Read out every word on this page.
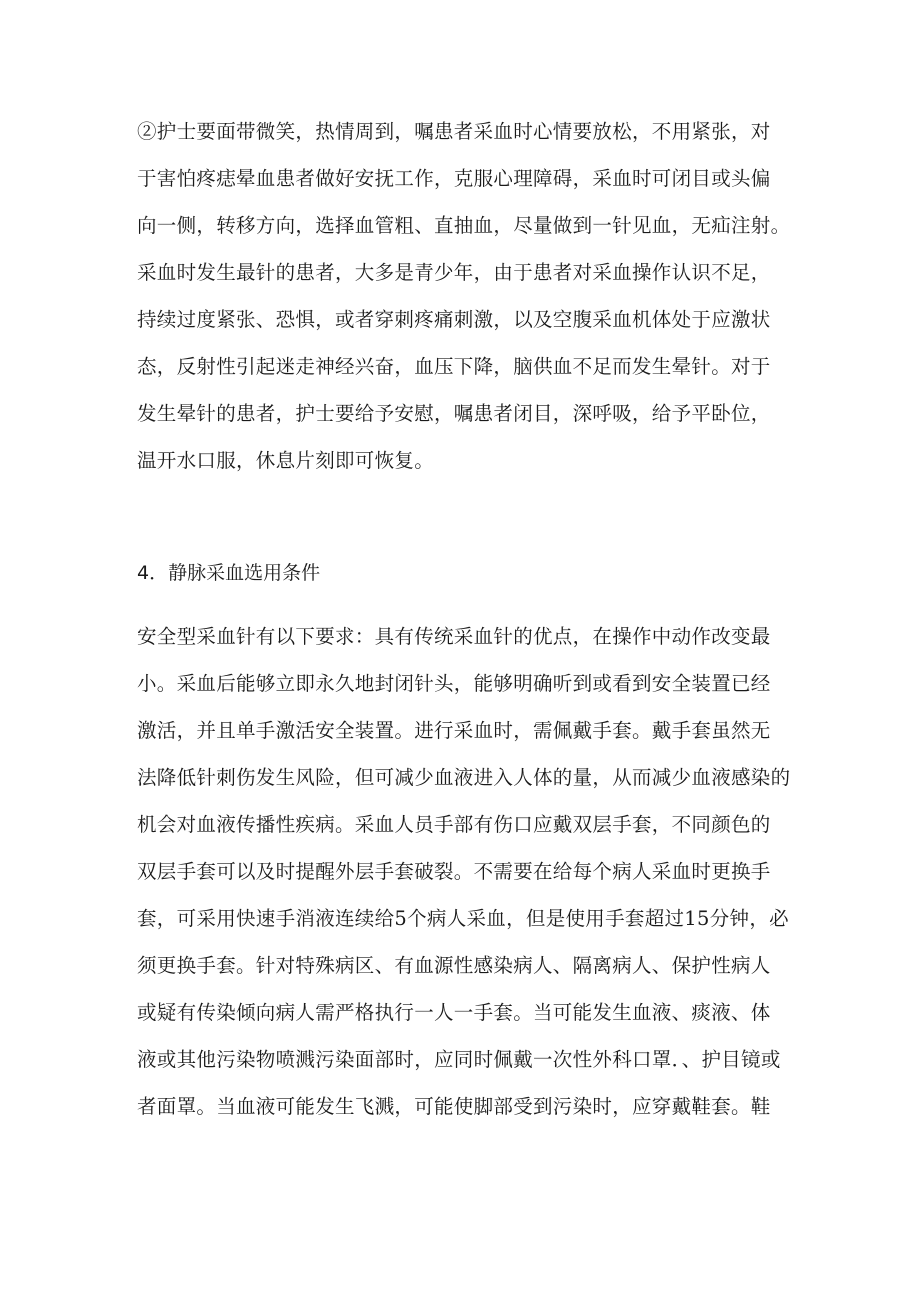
②护士要面带微笑，热情周到，嘱患者采血时心情要放松，不用紧张，对
于害怕疼痣晕血患者做好安抚工作，克服心理障碍，采血时可闭目或头偏
向一侧，转移方向，选择血管粗、直抽血，尽量做到一针见血，无疝注射。
采血时发生最针的患者，大多是青少年，由于患者对采血操作认识不足，
持续过度紧张、恐惧，或者穿刺疼痛刺激，以及空腹采血机体处于应激状
态，反射性引起迷走神经兴奋，血压下降，脑供血不足而发生晕针。对于
发生晕针的患者，护士要给予安慰，嘱患者闭目，深呼吸，给予平卧位，
温开水口服，休息片刻即可恢复。
4．静脉采血选用条件
安全型采血针有以下要求：具有传统采血针的优点，在操作中动作改变最
小。采血后能够立即永久地封闭针头，能够明确听到或看到安全装置已经
激活，并且单手激活安全装置。进行采血时，需佩戴手套。戴手套虽然无
法降低针刺伤发生风险，但可减少血液进入人体的量，从而减少血液感染的
机会对血液传播性疾病。采血人员手部有伤口应戴双层手套，不同颜色的
双层手套可以及时提醒外层手套破裂。不需要在给每个病人采血时更换手
套，可采用快速手消液连续给5个病人采血，但是使用手套超过15分钟，必
须更换手套。针对特殊病区、有血源性感染病人、隔离病人、保护性病人
或疑有传染倾向病人需严格执行一人一手套。当可能发生血液、痰液、体
液或其他污染物喷溅污染面部时，应同时佩戴一次性外科口罩．、护目镜或
者面罩。当血液可能发生飞溅，可能使脚部受到污染时，应穿戴鞋套。鞋
